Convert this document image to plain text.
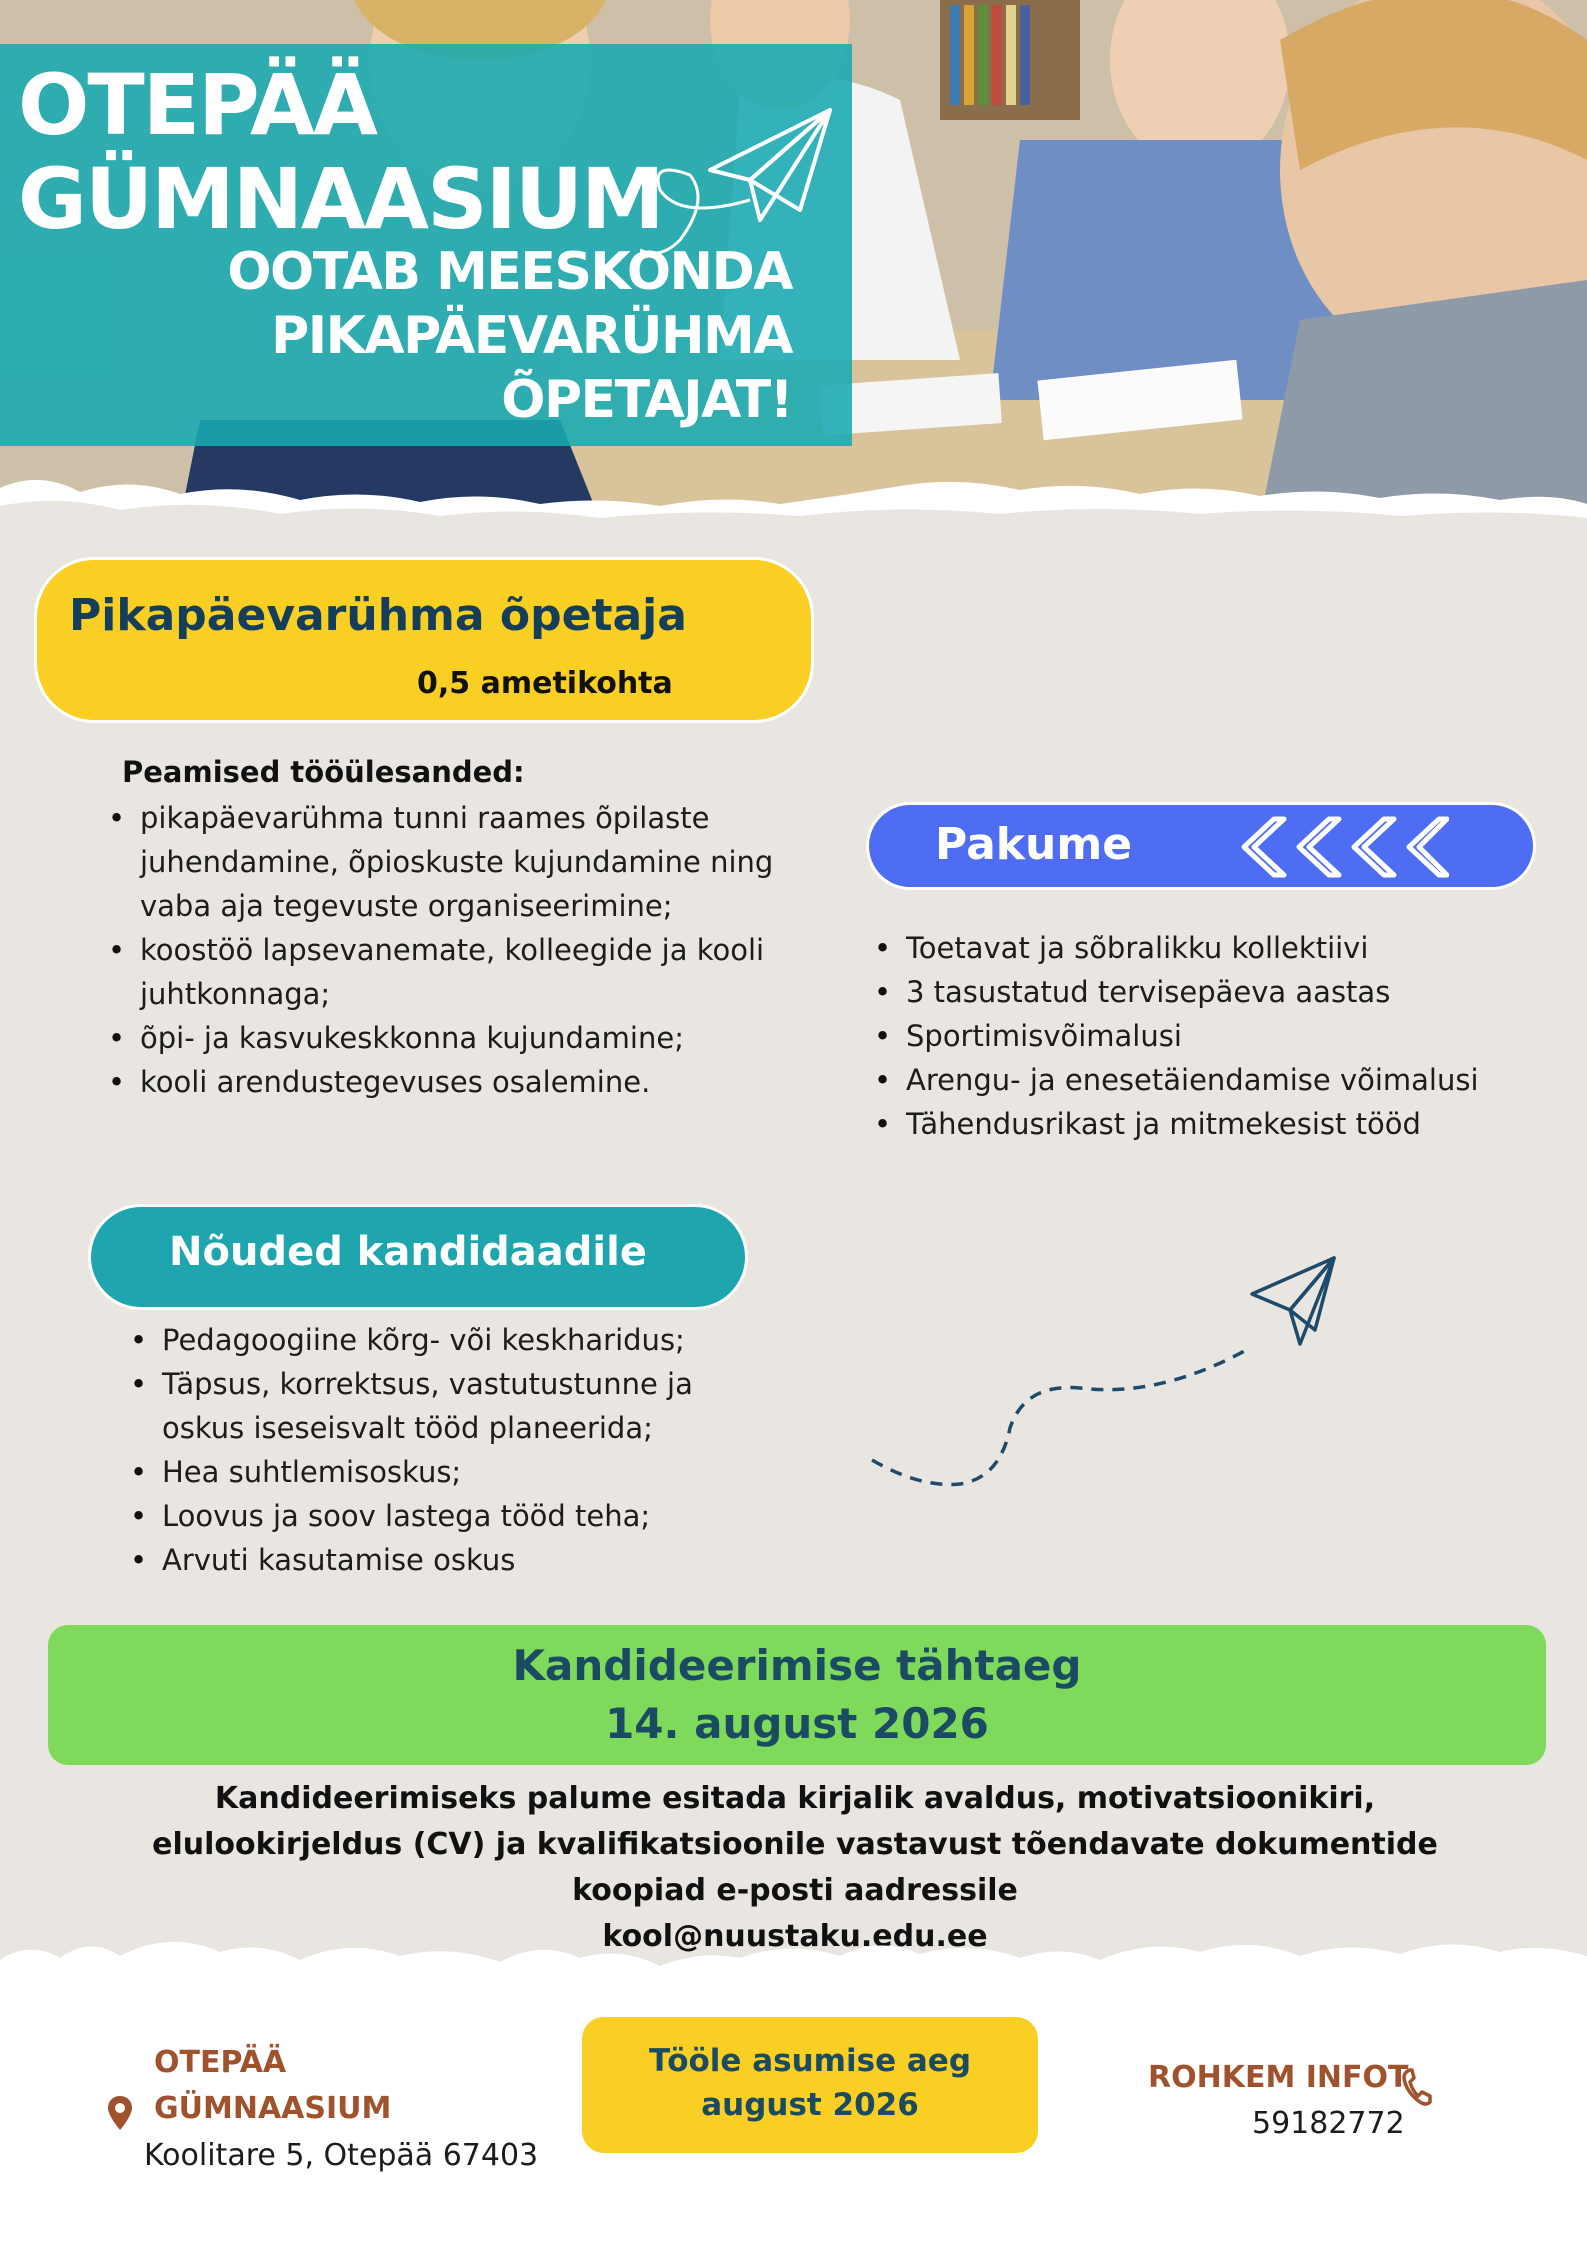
OTEPÄÄ
GÜMNAASIUM
OOTAB MEESKONDA
PIKAPÄEVARÜHMA
ÕPETAJAT!
Pikapäevarühma õpetaja
0,5 ametikohta
Peamised tööülesanded:
• pikapäevarühma tunni raames õpilaste juhendamine, õpioskuste kujundamine ning vaba aja tegevuste organiseerimine;
• koostöö lapsevanemate, kolleegide ja kooli juhtkonnaga;
• õpi- ja kasvukeskkonna kujundamine;
• kooli arendustegevuses osalemine.
Pakume
• Toetavat ja sõbralikku kollektiivi
• 3 tasustatud tervisepäeva aastas
• Sportimisvõimalusi
• Arengu- ja enesetäiendamise võimalusi
• Tähendusrikast ja mitmekesist tööd
Nõuded kandidaadile
• Pedagoogiine kõrg- või keskharidus;
• Täpsus, korrektsus, vastutustunne ja oskus iseseisvalt tööd planeerida;
• Hea suhtlemisoskus;
• Loovus ja soov lastega tööd teha;
• Arvuti kasutamise oskus
Kandideerimise tähtaeg
14. august 2026
Kandideerimiseks palume esitada kirjalik avaldus, motivatsioonikiri, elulookirjeldus (CV) ja kvalifikatsioonile vastavust tõendavate dokumentide koopiad e-posti aadressile
kool@nuustaku.edu.ee
OTEPÄÄ
GÜMNAASIUM
Koolitare 5, Otepää 67403
Tööle asumise aeg
august 2026
ROHKEM INFOT
59182772
